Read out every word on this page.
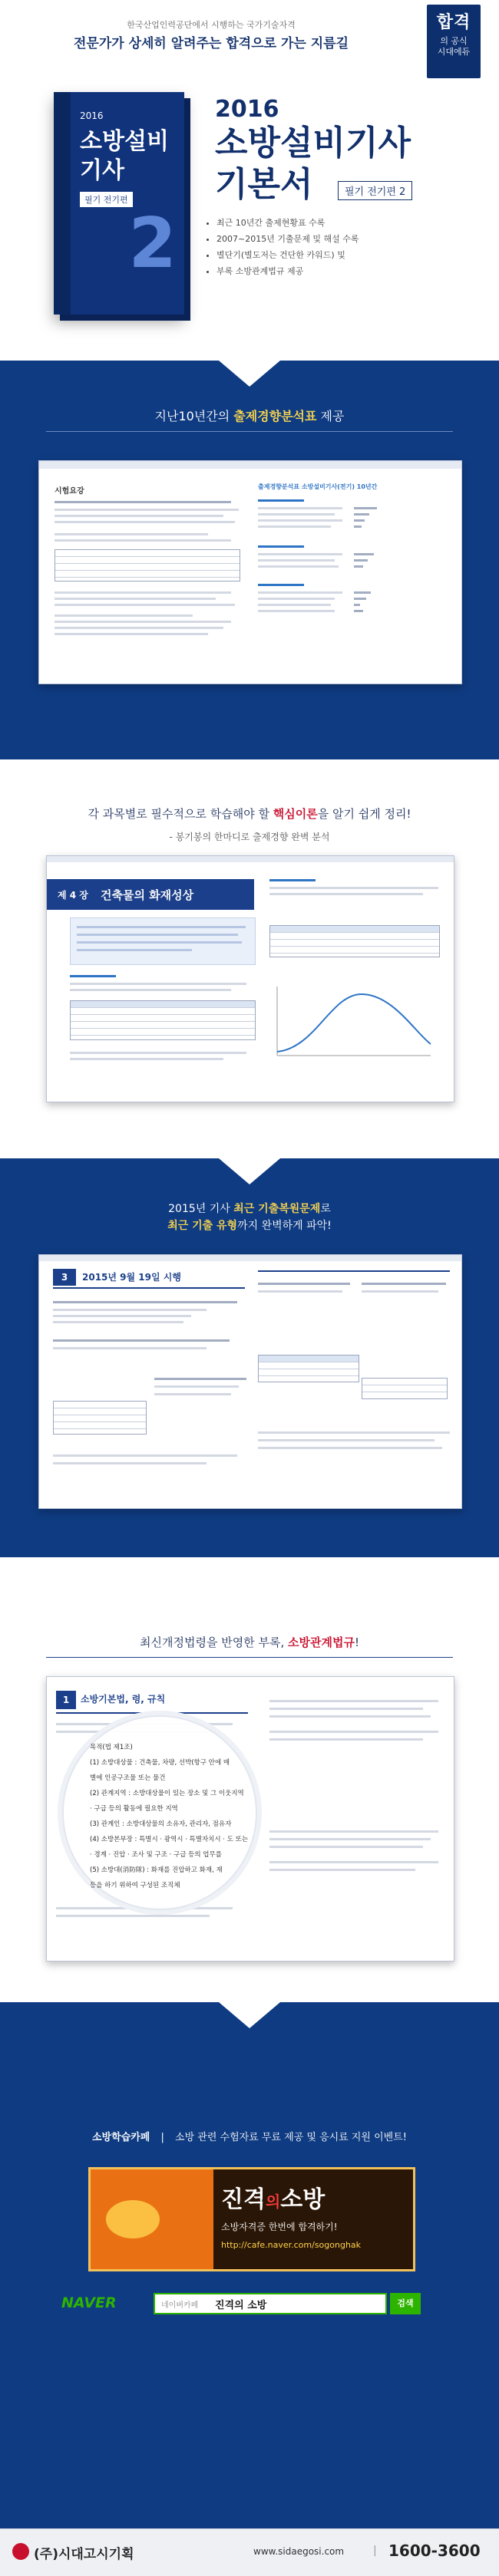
합격
의 공식
시대에듀
한국산업인력공단에서 시행하는 국가기술자격
전문가가 상세히 알려주는 합격으로 가는 지름길
2016
소방설비
기사
필기 전기편
2
2016
소방설비기사
기본서	필기 전기편 2
• 최근 10년간 출제현황표 수록
• 2007~2015년 기출문제 및 해설 수록
• 별단기(별도저는 건단한 카워드) 및
• 부록 소방관계법규 제공
지난10년간의 출제경향분석표 제공
시험요강
출제경향분석표 소방설비기사(전기) 10년간
각 과목별로 필수적으로 학습해야 할 핵심이론을 알기 쉽게 정리!
- 봉기봉의 한마디로 출제경향 완벽 분석
제 4 장 건축물의 화재성상
2015년 기사 최근 기출복원문제로
최근 기출 유형까지 완벽하게 파악!
3	2015년 9월 19일 시행
최신개정법령을 반영한 부록, 소방관계법규!
1	소방기본법, 령, 규칙
목적(법 제1조)
(1) 소방대상물 : 건축물, 차량, 선박(항구 안에 매
별에 인공구조물 또는 물건
(2) 관계지역 : 소방대상물이 있는 장소 및 그 이웃지역
· 구급 등의 활동에 필요한 지역
(3) 관계인 : 소방대상물의 소유자, 관리자, 점유자
(4) 소방본부장 : 특별시 · 광역시 · 특별자치시 · 도 또는
· 경계 · 진압 · 조사 및 구조 · 구급 등의 업무를
(5) 소방대(消防隊) : 화재를 진압하고 화재, 재
등을 하기 위하여 구성된 조직체
소방학습카페 | 소방 관련 수험자료 무료 제공 및 응시료 지원 이벤트!
진격의소방
소방자격증 한번에 합격하기!
http://cafe.naver.com/sogonghak
NAVER	네이버카페 진격의 소방	검색
(주)시대고시기획	www.sidaegosi.com	| 1600-3600
